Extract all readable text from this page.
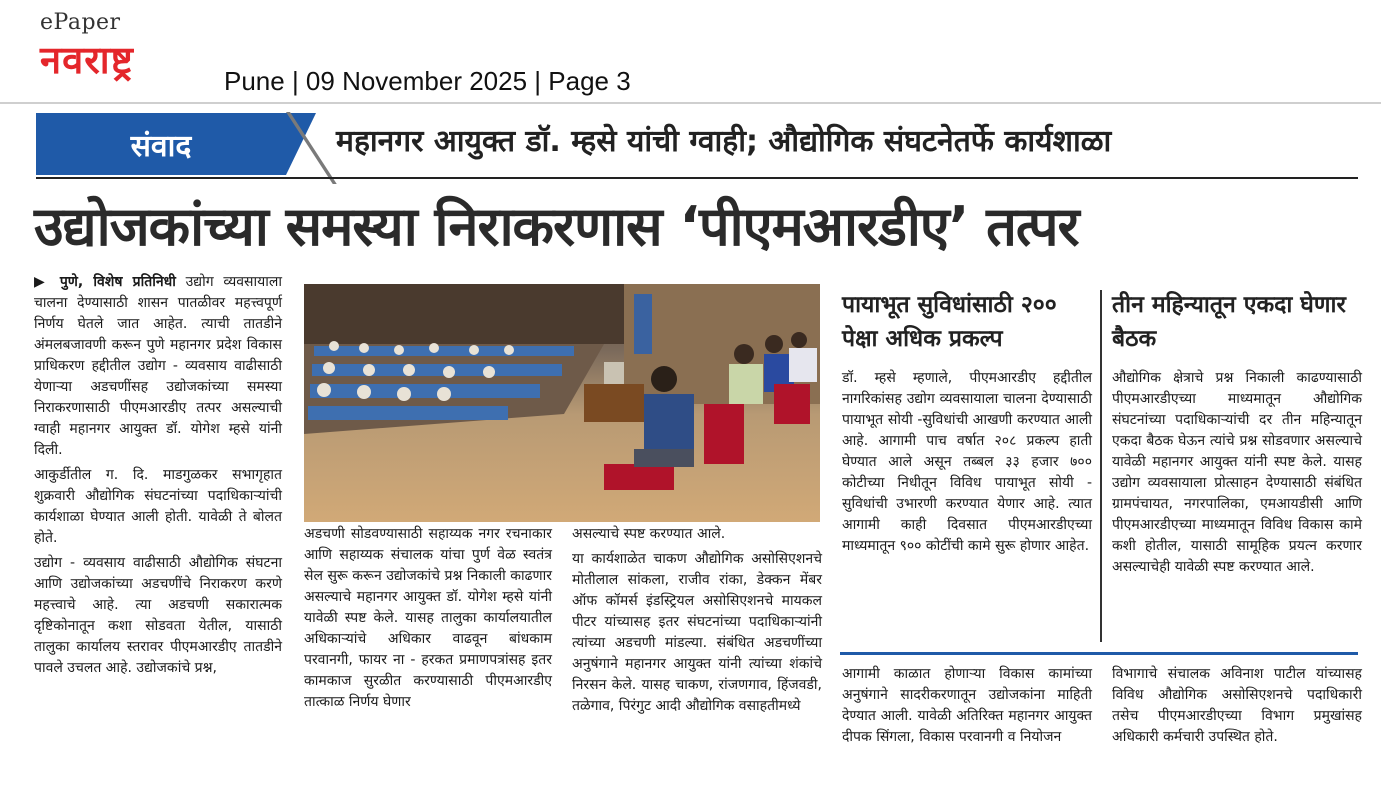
ePaper
नवराष्ट्र	Pune | 09 November 2025 | Page 3
संवाद	महानगर आयुक्त डॉ. म्हसे यांची ग्वाही; औद्योगिक संघटनेतर्फे कार्यशाळा
उद्योजकांच्या समस्या निराकरणास ‘पीएमआरडीए’ तत्पर

▶ पुणे, विशेष प्रतिनिधी उद्योग व्यवसायाला चालना देण्यासाठी शासन पातळीवर महत्त्वपूर्ण निर्णय घेतले जात आहेत. त्याची तातडीने अंमलबजावणी करून पुणे महानगर प्रदेश विकास प्राधिकरण हद्दीतील उद्योग - व्यवसाय वाढीसाठी येणाऱ्या अडचणींसह उद्योजकांच्या समस्या निराकरणासाठी पीएमआरडीए तत्पर असल्याची ग्वाही महानगर आयुक्त डॉ. योगेश म्हसे यांनी दिली.

आकुर्डीतील ग. दि. माडगुळकर सभागृहात शुक्रवारी औद्योगिक संघटनांच्या पदाधिकाऱ्यांची कार्यशाळा घेण्यात आली होती. यावेळी ते बोलत होते.

उद्योग - व्यवसाय वाढीसाठी औद्योगिक संघटना आणि उद्योजकांच्या अडचणींचे निराकरण करणे महत्त्वाचे आहे. त्या अडचणी सकारात्मक दृष्टिकोनातून कशा सोडवता येतील, यासाठी तालुका कार्यालय स्तरावर पीएमआरडीए तातडीने पावले उचलत आहे. उद्योजकांचे प्रश्न,

अडचणी सोडवण्यासाठी सहाय्यक नगर रचनाकार आणि सहाय्यक संचालक यांचा पुर्ण वेळ स्वतंत्र सेल सुरू करून उद्योजकांचे प्रश्न निकाली काढणार असल्याचे महानगर आयुक्त डॉ. योगेश म्हसे यांनी यावेळी स्पष्ट केले. यासह तालुका कार्यालयातील अधिकाऱ्यांचे अधिकार वाढवून बांधकाम परवानगी, फायर ना - हरकत प्रमाणपत्रांसह इतर कामकाज सुरळीत करण्यासाठी पीएमआरडीए तात्काळ निर्णय घेणार

असल्याचे स्पष्ट करण्यात आले.

या कार्यशाळेत चाकण औद्योगिक असोसिएशनचे मोतीलाल सांकला, राजीव रांका, डेक्कन मेंबर ऑफ कॉमर्स इंडस्ट्रियल असोसिएशनचे मायकल पीटर यांच्यासह इतर संघटनांच्या पदाधिकाऱ्यांनी त्यांच्या अडचणी मांडल्या. संबंधित अडचणींच्या अनुषंगाने महानगर आयुक्त यांनी त्यांच्या शंकांचे निरसन केले. यासह चाकण, रांजणगाव, हिंजवडी, तळेगाव, पिरंगुट आदी औद्योगिक वसाहतीमध्ये

पायाभूत सुविधांसाठी २०० पेक्षा अधिक प्रकल्प
डॉ. म्हसे म्हणाले, पीएमआरडीए हद्दीतील नागरिकांसह उद्योग व्यवसायाला चालना देण्यासाठी पायाभूत सोयी -सुविधांची आखणी करण्यात आली आहे. आगामी पाच वर्षात २०८ प्रकल्प हाती घेण्यात आले असून तब्बल ३३ हजार ७०० कोटीच्या निधीतून विविध पायाभूत सोयी - सुविधांची उभारणी करण्यात येणार आहे. त्यात आगामी काही दिवसात पीएमआरडीएच्या माध्यमातून ९०० कोटींची कामे सुरू होणार आहेत.
तीन महिन्यातून एकदा घेणार बैठक
औद्योगिक क्षेत्राचे प्रश्न निकाली काढण्यासाठी पीएमआरडीएच्या माध्यमातून औद्योगिक संघटनांच्या पदाधिकाऱ्यांची दर तीन महिन्यातून एकदा बैठक घेऊन त्यांचे प्रश्न सोडवणार असल्याचे यावेळी महानगर आयुक्त यांनी स्पष्ट केले. यासह उद्योग व्यवसायाला प्रोत्साहन देण्यासाठी संबंधित ग्रामपंचायत, नगरपालिका, एमआयडीसी आणि पीएमआरडीएच्या माध्यमातून विविध विकास कामे कशी होतील, यासाठी सामूहिक प्रयत्न करणार असल्याचेही यावेळी स्पष्ट करण्यात आले.
आगामी काळात होणाऱ्या विकास कामांच्या अनुषंगाने सादरीकरणातून उद्योजकांना माहिती देण्यात आली. यावेळी अतिरिक्त महानगर आयुक्त दीपक सिंगला, विकास परवानगी व नियोजन
विभागाचे संचालक अविनाश पाटील यांच्यासह विविध औद्योगिक असोसिएशनचे पदाधिकारी तसेच पीएमआरडीएच्या विभाग प्रमुखांसह अधिकारी कर्मचारी उपस्थित होते.
